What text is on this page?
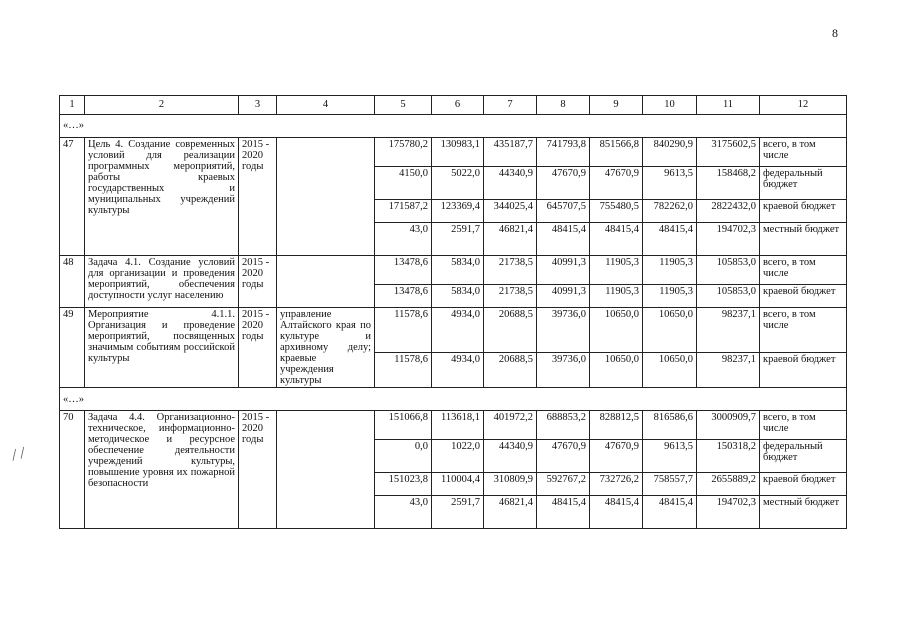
8
/ /
1	2	3	4	5	6	7	8	9	10	11	12
«…»											
47	Цель 4. Создание современных условий для реализации программных мероприятий, работы краевых государственных и муниципальных учреждений культуры	2015 - 2020 годы		175780,2	130983,1	435187,7	741793,8	851566,8	840290,9	3175602,5	всего, в том числе
				4150,0	5022,0	44340,9	47670,9	47670,9	9613,5	158468,2	федеральный бюджет
				171587,2	123369,4	344025,4	645707,5	755480,5	782262,0	2822432,0	краевой бюджет
				43,0	2591,7	46821,4	48415,4	48415,4	48415,4	194702,3	местный бюджет
48	Задача 4.1. Создание условий для организации и проведения мероприятий, обеспечения доступности услуг населению	2015 - 2020 годы		13478,6	5834,0	21738,5	40991,3	11905,3	11905,3	105853,0	всего, в том числе
				13478,6	5834,0	21738,5	40991,3	11905,3	11905,3	105853,0	краевой бюджет
49	Мероприятие 4.1.1. Организация и проведение мероприятий, посвященных значимым событиям российской культуры	2015 - 2020 годы	управление Алтайского края по культуре и архивному делу; краевые учреждения культуры	11578,6	4934,0	20688,5	39736,0	10650,0	10650,0	98237,1	всего, в том числе
				11578,6	4934,0	20688,5	39736,0	10650,0	10650,0	98237,1	краевой бюджет
«…»											
70	Задача 4.4. Организационно-техническое, информационно-методическое и ресурсное обеспечение деятельности учреждений культуры, повышение уровня их пожарной безопасности	2015 - 2020 годы		151066,8	113618,1	401972,2	688853,2	828812,5	816586,6	3000909,7	всего, в том числе
				0,0	1022,0	44340,9	47670,9	47670,9	9613,5	150318,2	федеральный бюджет
				151023,8	110004,4	310809,9	592767,2	732726,2	758557,7	2655889,2	краевой бюджет
				43,0	2591,7	46821,4	48415,4	48415,4	48415,4	194702,3	местный бюджет
